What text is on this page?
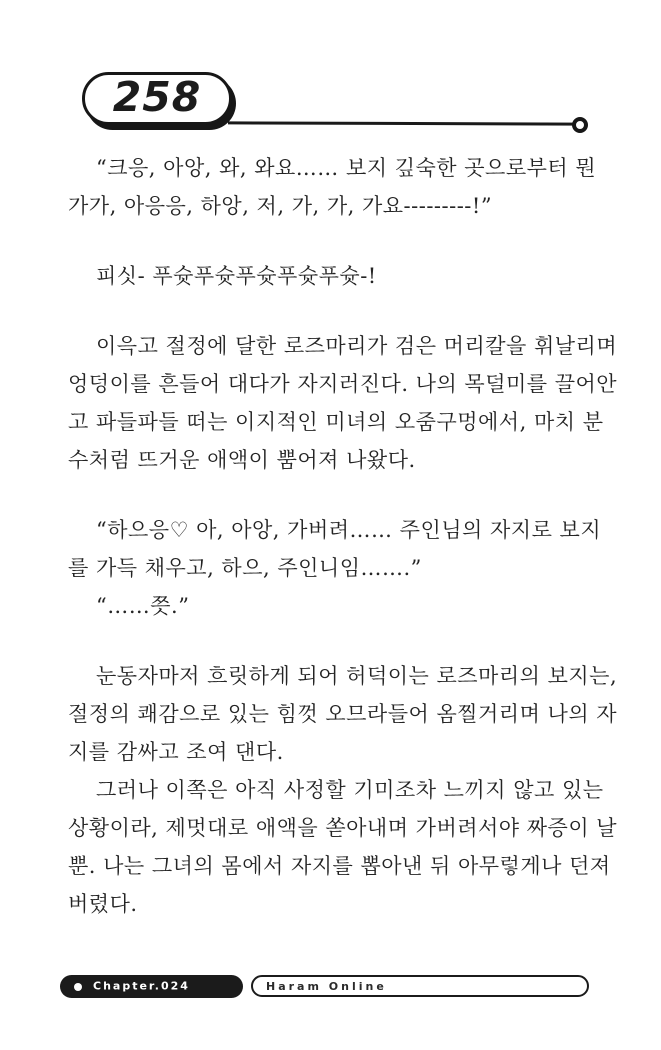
258

“크응, 아앙, 와, 와요…… 보지 깊숙한 곳으로부터 뭔
가가, 아응응, 하앙, 저, 가, 가, 가요---------!”

피싯- 푸슛푸슛푸슛푸슛푸슛-!

이윽고 절정에 달한 로즈마리가 검은 머리칼을 휘날리며
엉덩이를 흔들어 대다가 자지러진다. 나의 목덜미를 끌어안
고 파들파들 떠는 이지적인 미녀의 오줌구멍에서, 마치 분
수처럼 뜨거운 애액이 뿜어져 나왔다.

“하으응♡ 아, 아앙, 가버려…… 주인님의 자지로 보지
를 가득 채우고, 하으, 주인니임…….”
“……쯧.”

눈동자마저 흐릿하게 되어 허덕이는 로즈마리의 보지는,
절정의 쾌감으로 있는 힘껏 오므라들어 옴찔거리며 나의 자
지를 감싸고 조여 댄다.

그러나 이쪽은 아직 사정할 기미조차 느끼지 않고 있는
상황이라, 제멋대로 애액을 쏟아내며 가버려서야 짜증이 날
뿐. 나는 그녀의 몸에서 자지를 뽑아낸 뒤 아무렇게나 던져
버렸다.

Chapter.024	Haram Online
